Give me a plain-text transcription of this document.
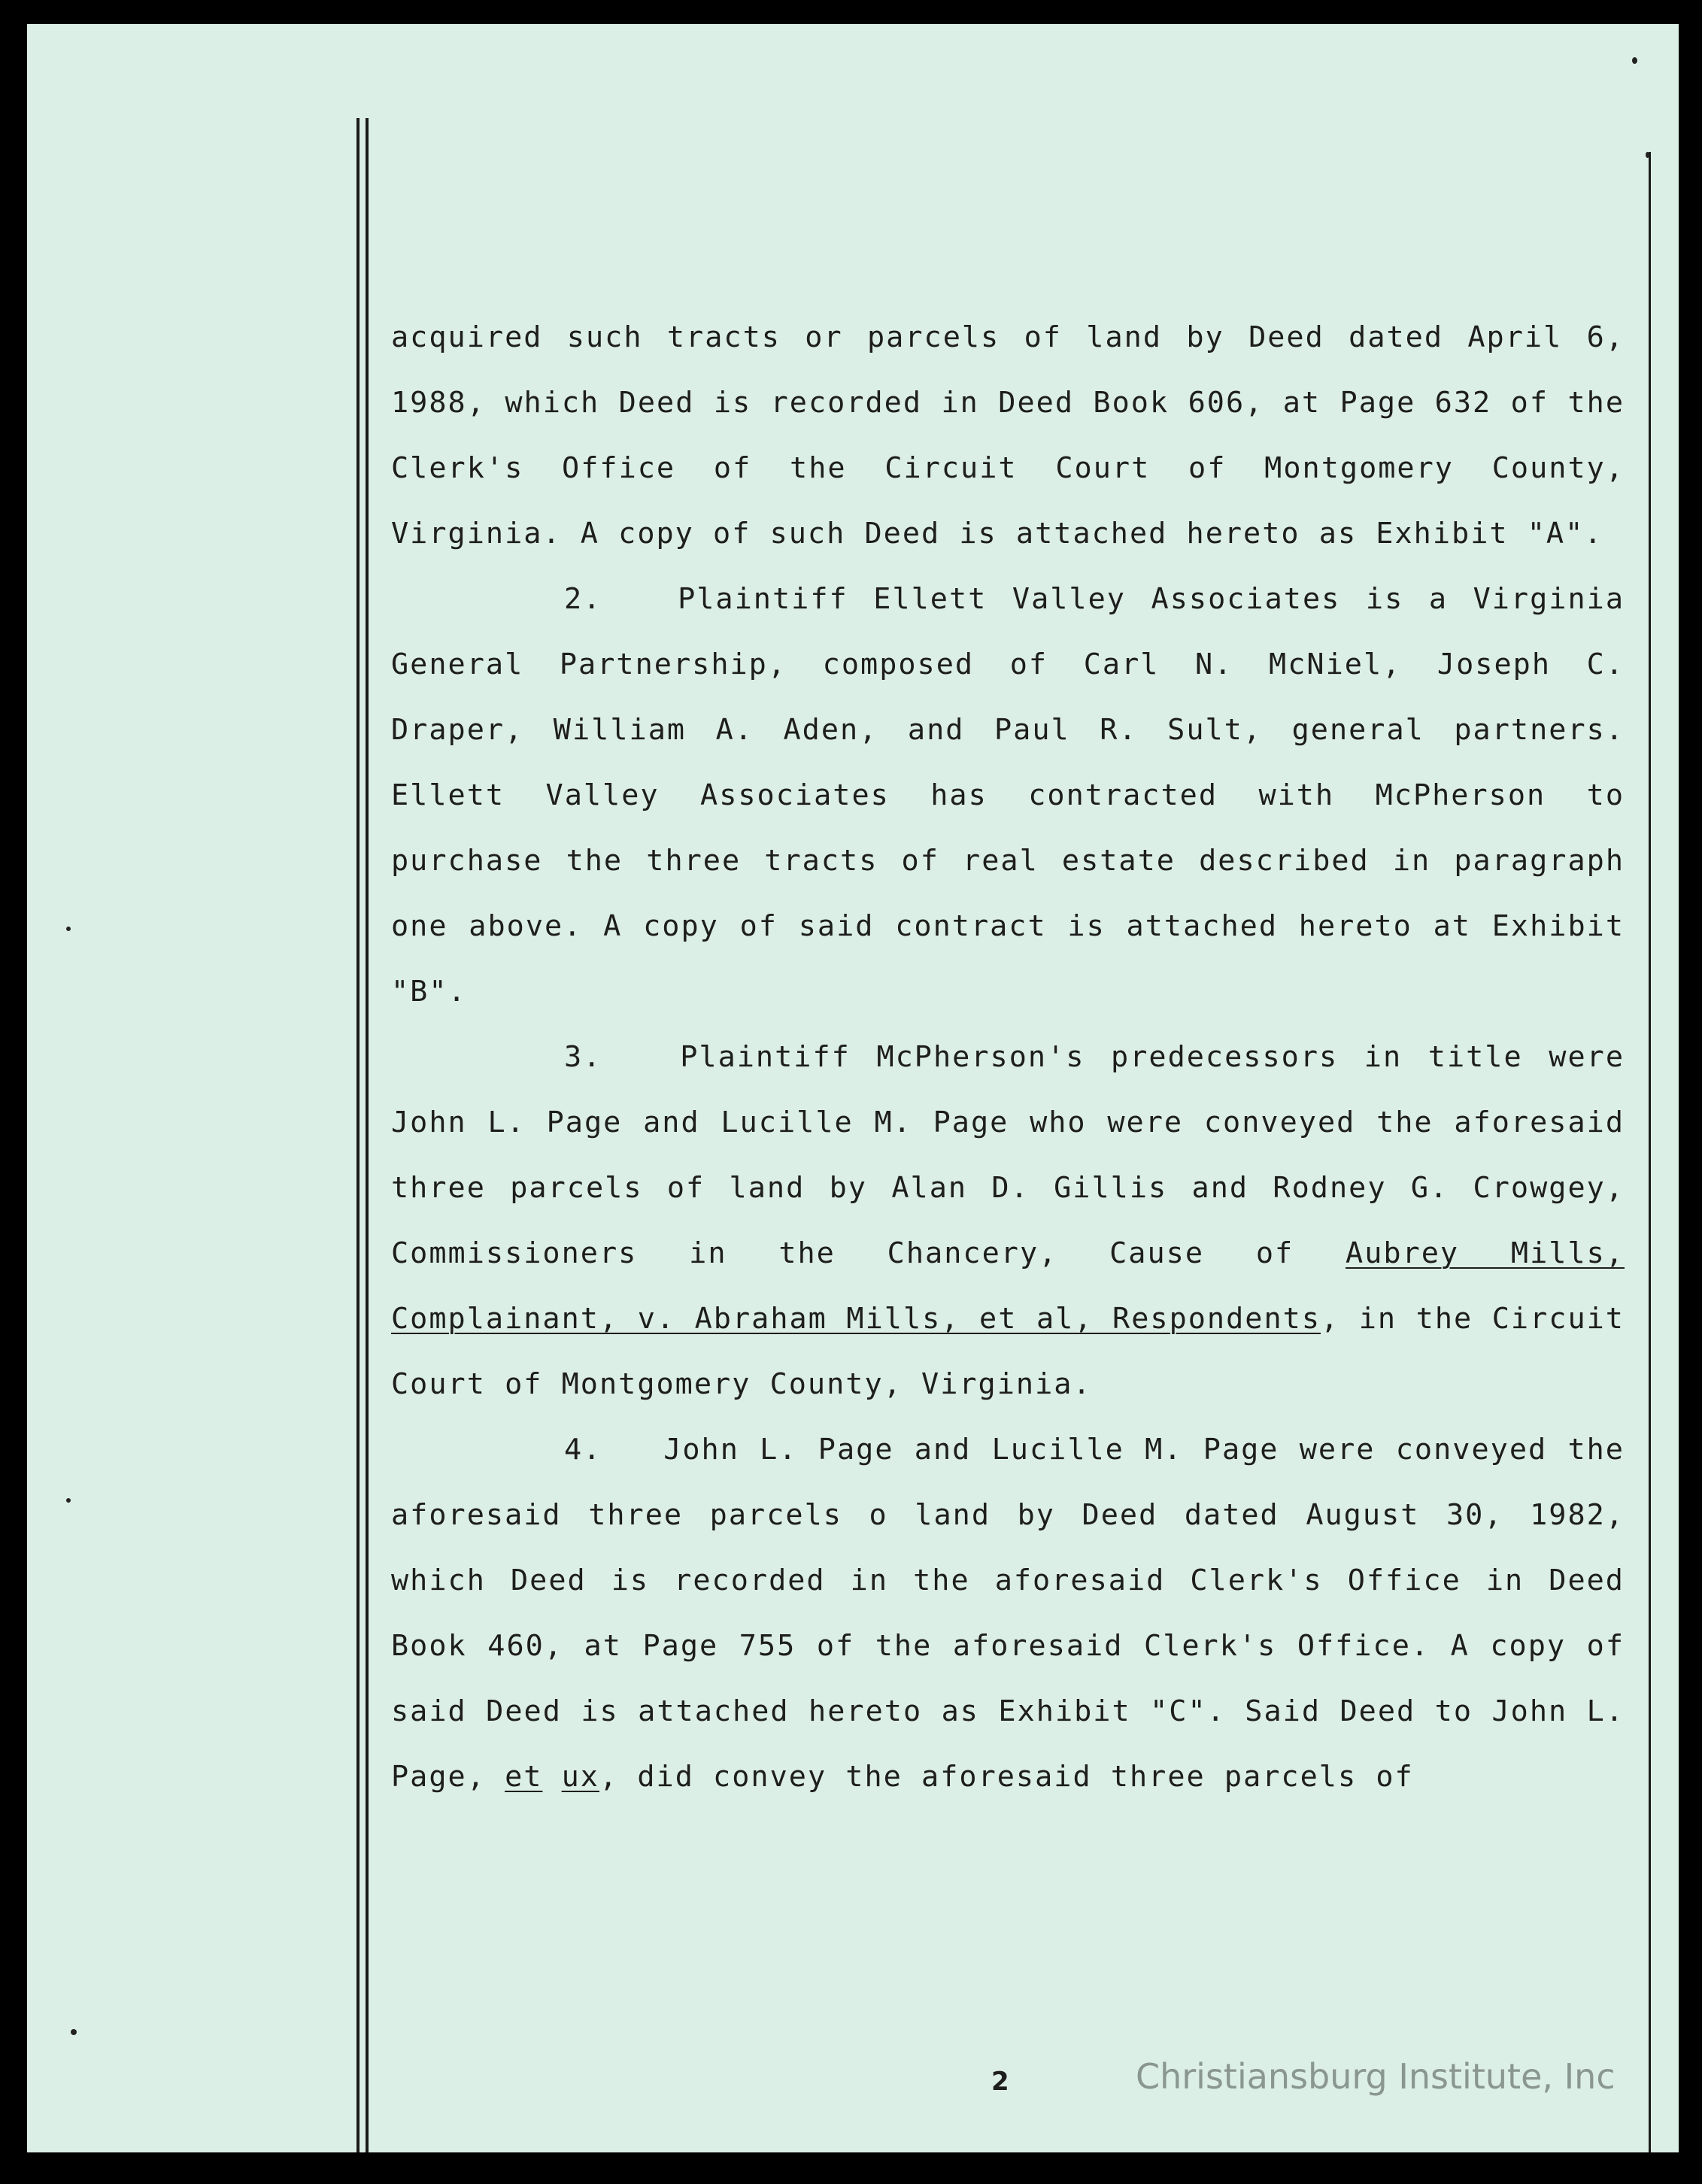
acquired such tracts or parcels of land by Deed dated April 6, 1988, which Deed is recorded in Deed Book 606, at Page 632 of the Clerk's Office of the Circuit Court of Montgomery County, Virginia. A copy of such Deed is attached hereto as Exhibit "A".

2.	Plaintiff Ellett Valley Associates is a Virginia General Partnership, composed of Carl N. McNiel, Joseph C. Draper, William A. Aden, and Paul R. Sult, general partners. Ellett Valley Associates has contracted with McPherson to purchase the three tracts of real estate described in paragraph one above. A copy of said contract is attached hereto at Exhibit "B".

3.	Plaintiff McPherson's predecessors in title were John L. Page and Lucille M. Page who were conveyed the aforesaid three parcels of land by Alan D. Gillis and Rodney G. Crowgey, Commissioners in the Chancery, Cause of Aubrey Mills, Complainant, v. Abraham Mills, et al, Respondents, in the Circuit Court of Montgomery County, Virginia.

4. John L. Page and Lucille M. Page were conveyed the aforesaid three parcels o land by Deed dated August 30, 1982, which Deed is recorded in the aforesaid Clerk's Office in Deed Book 460, at Page 755 of the aforesaid Clerk's Office. A copy of said Deed is attached hereto as Exhibit "C". Said Deed to John L. Page, et ux, did convey the aforesaid three parcels of

2	Christiansburg Institute, Inc
